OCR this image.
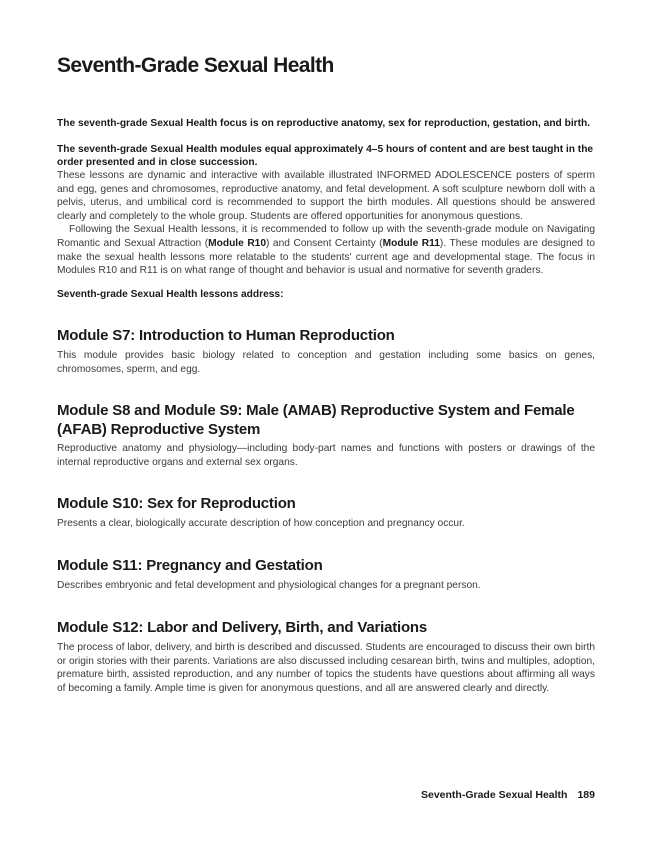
Seventh-Grade Sexual Health

The seventh-grade Sexual Health focus is on reproductive anatomy, sex for reproduction, gestation, and birth.

The seventh-grade Sexual Health modules equal approximately 4–5 hours of content and are best taught in the order presented and in close succession.

These lessons are dynamic and interactive with available illustrated INFORMED ADOLESCENCE posters of sperm and egg, genes and chromosomes, reproductive anatomy, and fetal development. A soft sculpture newborn doll with a pelvis, uterus, and umbilical cord is recommended to support the birth modules. All questions should be answered clearly and completely to the whole group. Students are offered opportunities for anonymous questions.

Following the Sexual Health lessons, it is recommended to follow up with the seventh-grade module on Navigating Romantic and Sexual Attraction (Module R10) and Consent Certainty (Module R11). These modules are designed to make the sexual health lessons more relatable to the students' current age and developmental stage. The focus in Modules R10 and R11 is on what range of thought and behavior is usual and normative for seventh graders.

Seventh-grade Sexual Health lessons address:

Module S7: Introduction to Human Reproduction

This module provides basic biology related to conception and gestation including some basics on genes, chromosomes, sperm, and egg.

Module S8 and Module S9: Male (AMAB) Reproductive System and Female (AFAB) Reproductive System

Reproductive anatomy and physiology—including body-part names and functions with posters or drawings of the internal reproductive organs and external sex organs.

Module S10: Sex for Reproduction

Presents a clear, biologically accurate description of how conception and pregnancy occur.

Module S11: Pregnancy and Gestation

Describes embryonic and fetal development and physiological changes for a pregnant person.

Module S12: Labor and Delivery, Birth, and Variations

The process of labor, delivery, and birth is described and discussed. Students are encouraged to discuss their own birth or origin stories with their parents. Variations are also discussed including cesarean birth, twins and multiples, adoption, premature birth, assisted reproduction, and any number of topics the students have questions about affirming all ways of becoming a family. Ample time is given for anonymous questions, and all are answered clearly and directly.

Seventh-Grade Sexual Health 189
